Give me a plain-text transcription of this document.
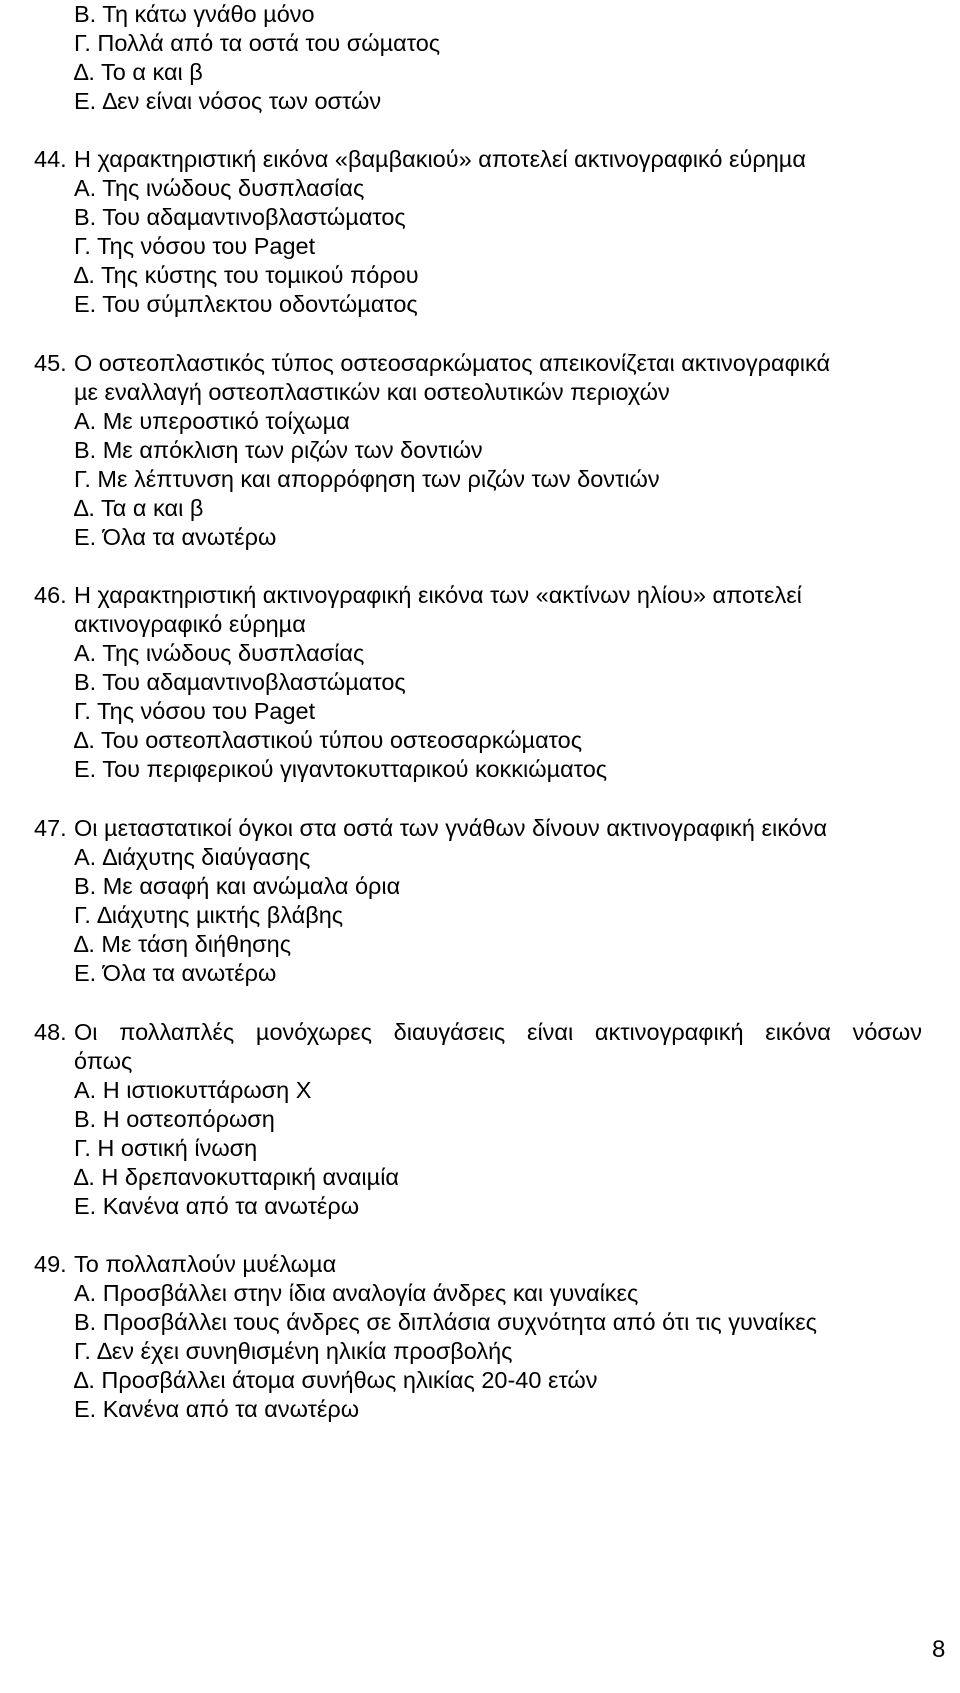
Β. Τη κάτω γνάθο µόνο

Γ. Πολλά από τα οστά του σώµατος

∆. Το α και β

Ε. ∆εν είναι νόσος των οστών

44. Η χαρακτηριστική εικόνα «βαµβακιού» αποτελεί ακτινογραφικό εύρηµα

Α. Της ινώδους δυσπλασίας

Β. Του αδαµαντινοβλαστώµατος

Γ. Της νόσου του Paget

∆. Της κύστης του τοµικού πόρου

Ε. Του σύµπλεκτου οδοντώµατος

45. Ο οστεοπλαστικός τύπος οστεοσαρκώµατος απεικονίζεται ακτινογραφικά

µε εναλλαγή οστεοπλαστικών και οστεολυτικών περιοχών

Α. Με υπεροστικό τοίχωµα

Β. Με απόκλιση των ριζών των δοντιών

Γ. Με λέπτυνση και απορρόφηση των ριζών των δοντιών

∆. Τα α και β

Ε. Όλα τα ανωτέρω

46. Η χαρακτηριστική ακτινογραφική εικόνα των «ακτίνων ηλίου» αποτελεί

ακτινογραφικό εύρηµα

Α. Της ινώδους δυσπλασίας

Β. Του αδαµαντινοβλαστώµατος

Γ. Της νόσου του Paget

∆. Του οστεοπλαστικού τύπου οστεοσαρκώµατος

Ε. Του περιφερικού γιγαντοκυτταρικού κοκκιώµατος

47. Οι µεταστατικοί όγκοι στα οστά των γνάθων δίνουν ακτινογραφική εικόνα

Α. ∆ιάχυτης διαύγασης

Β. Με ασαφή και ανώµαλα όρια

Γ. ∆ιάχυτης µικτής βλάβης

∆. Με τάση διήθησης

Ε. Όλα τα ανωτέρω

48. Οι πολλαπλές µονόχωρες διαυγάσεις είναι ακτινογραφική εικόνα νόσων

όπως

Α. Η ιστιοκυττάρωση Χ

Β. Η οστεοπόρωση

Γ. Η οστική ίνωση

∆. Η δρεπανοκυτταρική αναιµία

Ε. Κανένα από τα ανωτέρω

49. Το πολλαπλούν µυέλωµα

Α. Προσβάλλει στην ίδια αναλογία άνδρες και γυναίκες

Β. Προσβάλλει τους άνδρες σε διπλάσια συχνότητα από ότι τις γυναίκες

Γ. ∆εν έχει συνηθισµένη ηλικία προσβολής

∆. Προσβάλλει άτοµα συνήθως ηλικίας 20-40 ετών

Ε. Κανένα από τα ανωτέρω

8
